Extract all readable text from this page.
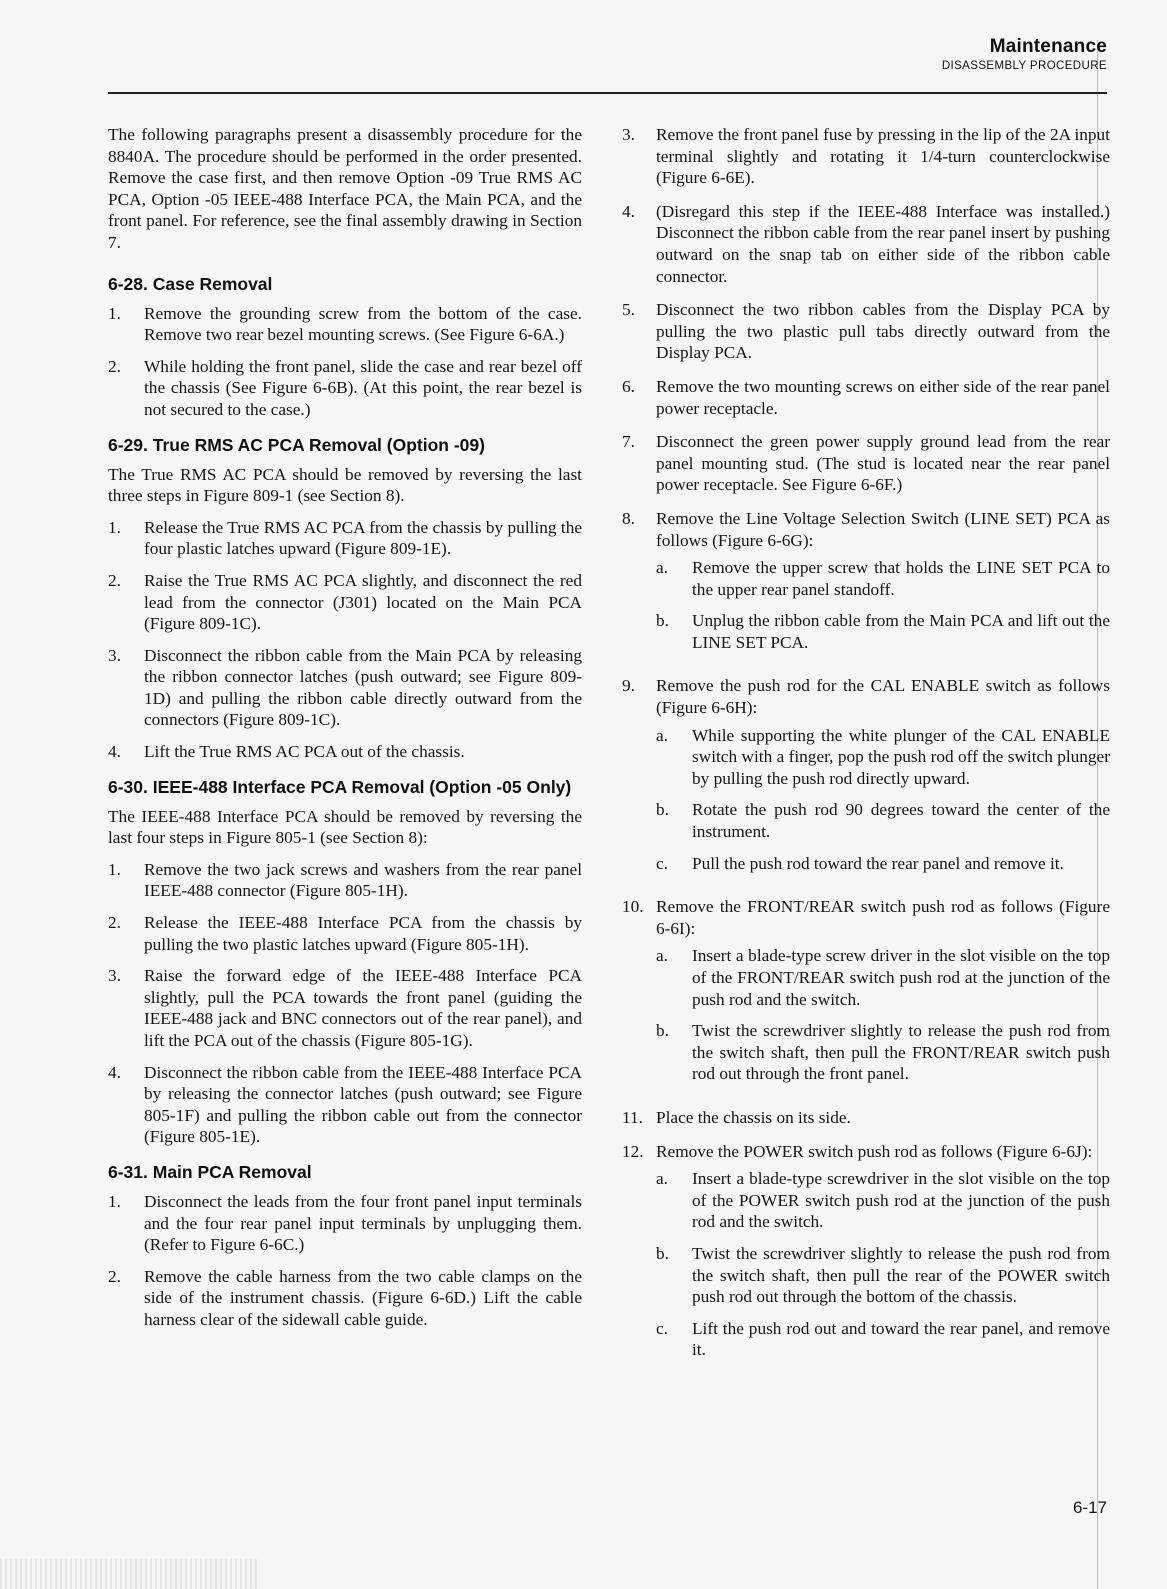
Maintenance
DISASSEMBLY PROCEDURE

The following paragraphs present a disassembly procedure for the 8840A. The procedure should be performed in the order presented. Remove the case first, and then remove Option -09 True RMS AC PCA, Option -05 IEEE-488 Interface PCA, the Main PCA, and the front panel. For reference, see the final assembly drawing in Section 7.

6-28. Case Removal
1.	Remove the grounding screw from the bottom of the case. Remove two rear bezel mounting screws. (See Figure 6-6A.)
2.	While holding the front panel, slide the case and rear bezel off the chassis (See Figure 6-6B). (At this point, the rear bezel is not secured to the case.)
6-29. True RMS AC PCA Removal (Option -09)

The True RMS AC PCA should be removed by reversing the last three steps in Figure 809-1 (see Section 8).

1.	Release the True RMS AC PCA from the chassis by pulling the four plastic latches upward (Figure 809-1E).
2.	Raise the True RMS AC PCA slightly, and disconnect the red lead from the connector (J301) located on the Main PCA (Figure 809-1C).
3.	Disconnect the ribbon cable from the Main PCA by releasing the ribbon connector latches (push outward; see Figure 809-1D) and pulling the ribbon cable directly outward from the connectors (Figure 809-1C).
4.	Lift the True RMS AC PCA out of the chassis.
6-30. IEEE-488 Interface PCA Removal (Option -05 Only)

The IEEE-488 Interface PCA should be removed by reversing the last four steps in Figure 805-1 (see Section 8):

1.	Remove the two jack screws and washers from the rear panel IEEE-488 connector (Figure 805-1H).
2.	Release the IEEE-488 Interface PCA from the chassis by pulling the two plastic latches upward (Figure 805-1H).
3.	Raise the forward edge of the IEEE-488 Interface PCA slightly, pull the PCA towards the front panel (guiding the IEEE-488 jack and BNC connectors out of the rear panel), and lift the PCA out of the chassis (Figure 805-1G).
4.	Disconnect the ribbon cable from the IEEE-488 Interface PCA by releasing the connector latches (push outward; see Figure 805-1F) and pulling the ribbon cable out from the connector (Figure 805-1E).
6-31. Main PCA Removal
1.	Disconnect the leads from the four front panel input terminals and the four rear panel input terminals by unplugging them. (Refer to Figure 6-6C.)
2.	Remove the cable harness from the two cable clamps on the side of the instrument chassis. (Figure 6-6D.) Lift the cable harness clear of the sidewall cable guide.
3.	Remove the front panel fuse by pressing in the lip of the 2A input terminal slightly and rotating it 1/4-turn counterclockwise (Figure 6-6E).
4.	(Disregard this step if the IEEE-488 Interface was installed.) Disconnect the ribbon cable from the rear panel insert by pushing outward on the snap tab on either side of the ribbon cable connector.
5.	Disconnect the two ribbon cables from the Display PCA by pulling the two plastic pull tabs directly outward from the Display PCA.
6.	Remove the two mounting screws on either side of the rear panel power receptacle.
7.	Disconnect the green power supply ground lead from the rear panel mounting stud. (The stud is located near the rear panel power receptacle. See Figure 6-6F.)
8.	Remove the Line Voltage Selection Switch (LINE SET) PCA as follows (Figure 6-6G):
a.	Remove the upper screw that holds the LINE SET PCA to the upper rear panel standoff.
b.	Unplug the ribbon cable from the Main PCA and lift out the LINE SET PCA.
9.	Remove the push rod for the CAL ENABLE switch as follows (Figure 6-6H):
a.	While supporting the white plunger of the CAL ENABLE switch with a finger, pop the push rod off the switch plunger by pulling the push rod directly upward.
b.	Rotate the push rod 90 degrees toward the center of the instrument.
c.	Pull the push rod toward the rear panel and remove it.
10. Remove the FRONT/REAR switch push rod as follows (Figure 6-6I):
a.	Insert a blade-type screw driver in the slot visible on the top of the FRONT/REAR switch push rod at the junction of the push rod and the switch.
b.	Twist the screwdriver slightly to release the push rod from the switch shaft, then pull the FRONT/REAR switch push rod out through the front panel.
11. Place the chassis on its side.
12. Remove the POWER switch push rod as follows (Figure 6-6J):
a.	Insert a blade-type screwdriver in the slot visible on the top of the POWER switch push rod at the junction of the push rod and the switch.
b.	Twist the screwdriver slightly to release the push rod from the switch shaft, then pull the rear of the POWER switch push rod out through the bottom of the chassis.
c.	Lift the push rod out and toward the rear panel, and remove it.
6-17
